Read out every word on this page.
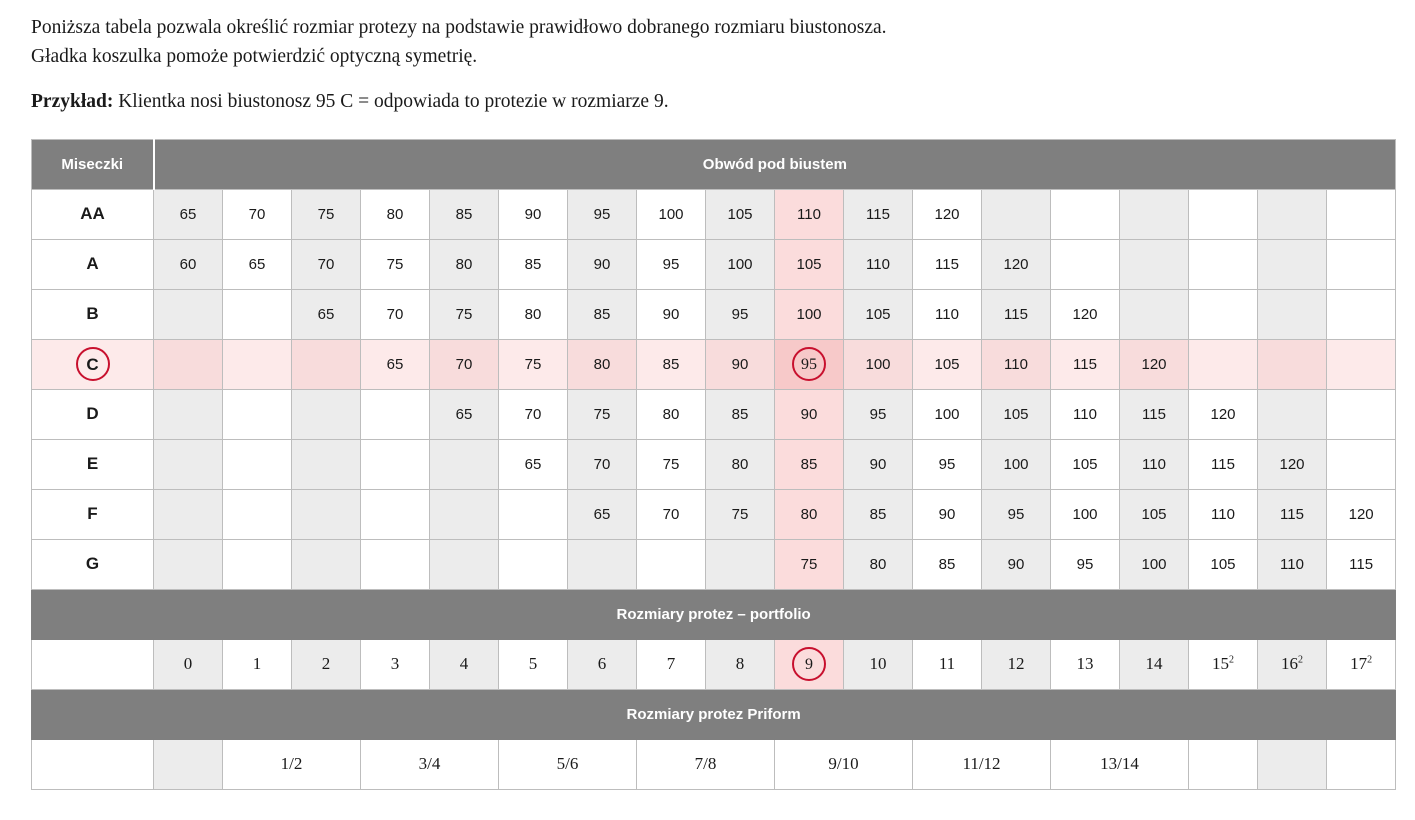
Poniższa tabela pozwala określić rozmiar protezy na podstawie prawidłowo dobranego rozmiaru biustonosza.
Gładka koszulka pomoże potwierdzić optyczną symetrię.
Przykład: Klientka nosi biustonosz 95 C = odpowiada to protezie w rozmiarze 9.
Miseczki	Obwód pod biustem																	
AA	65	70	75	80	85	90	95	100	105	110	115	120						
A	60	65	70	75	80	85	90	95	100	105	110	115	120					
B			65	70	75	80	85	90	95	100	105	110	115	120				
C				65	70	75	80	85	90	95	100	105	110	115	120			
D					65	70	75	80	85	90	95	100	105	110	115	120		
E						65	70	75	80	85	90	95	100	105	110	115	120	
F							65	70	75	80	85	90	95	100	105	110	115	120
G										75	80	85	90	95	100	105	110	115
Rozmiary protez – portfolio																		
	0	1	2	3	4	5	6	7	8	9	10	11	12	13	14	$15^2$	$16^2$	$17^2$
Rozmiary protez Priform																		
		1/2		3/4		5/6		7/8		9/10		11/12		13/14				
